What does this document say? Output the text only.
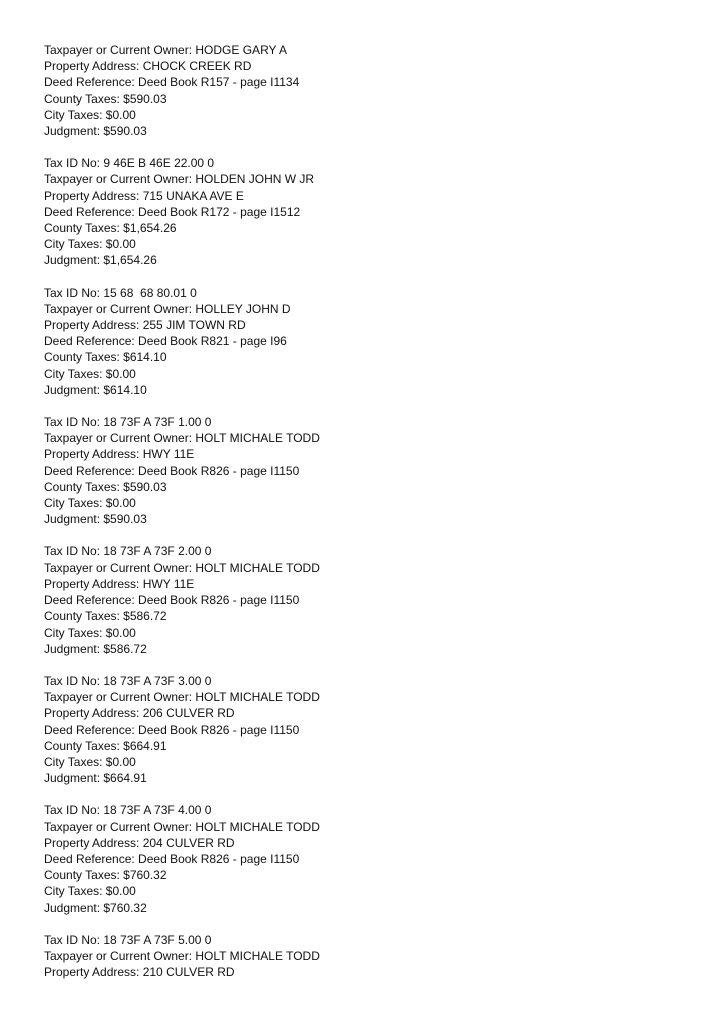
Taxpayer or Current Owner: HODGE GARY A
Property Address: CHOCK CREEK RD
Deed Reference: Deed Book R157 - page I1134
County Taxes: $590.03
City Taxes: $0.00
Judgment: $590.03
Tax ID No: 9 46E B 46E 22.00 0
Taxpayer or Current Owner: HOLDEN JOHN W JR
Property Address: 715 UNAKA AVE E
Deed Reference: Deed Book R172 - page I1512
County Taxes: $1,654.26
City Taxes: $0.00
Judgment: $1,654.26
Tax ID No: 15 68  68 80.01 0
Taxpayer or Current Owner: HOLLEY JOHN D
Property Address: 255 JIM TOWN RD
Deed Reference: Deed Book R821 - page I96
County Taxes: $614.10
City Taxes: $0.00
Judgment: $614.10
Tax ID No: 18 73F A 73F 1.00 0
Taxpayer or Current Owner: HOLT MICHALE TODD
Property Address: HWY 11E
Deed Reference: Deed Book R826 - page I1150
County Taxes: $590.03
City Taxes: $0.00
Judgment: $590.03
Tax ID No: 18 73F A 73F 2.00 0
Taxpayer or Current Owner: HOLT MICHALE TODD
Property Address: HWY 11E
Deed Reference: Deed Book R826 - page I1150
County Taxes: $586.72
City Taxes: $0.00
Judgment: $586.72
Tax ID No: 18 73F A 73F 3.00 0
Taxpayer or Current Owner: HOLT MICHALE TODD
Property Address: 206 CULVER RD
Deed Reference: Deed Book R826 - page I1150
County Taxes: $664.91
City Taxes: $0.00
Judgment: $664.91
Tax ID No: 18 73F A 73F 4.00 0
Taxpayer or Current Owner: HOLT MICHALE TODD
Property Address: 204 CULVER RD
Deed Reference: Deed Book R826 - page I1150
County Taxes: $760.32
City Taxes: $0.00
Judgment: $760.32
Tax ID No: 18 73F A 73F 5.00 0
Taxpayer or Current Owner: HOLT MICHALE TODD
Property Address: 210 CULVER RD
